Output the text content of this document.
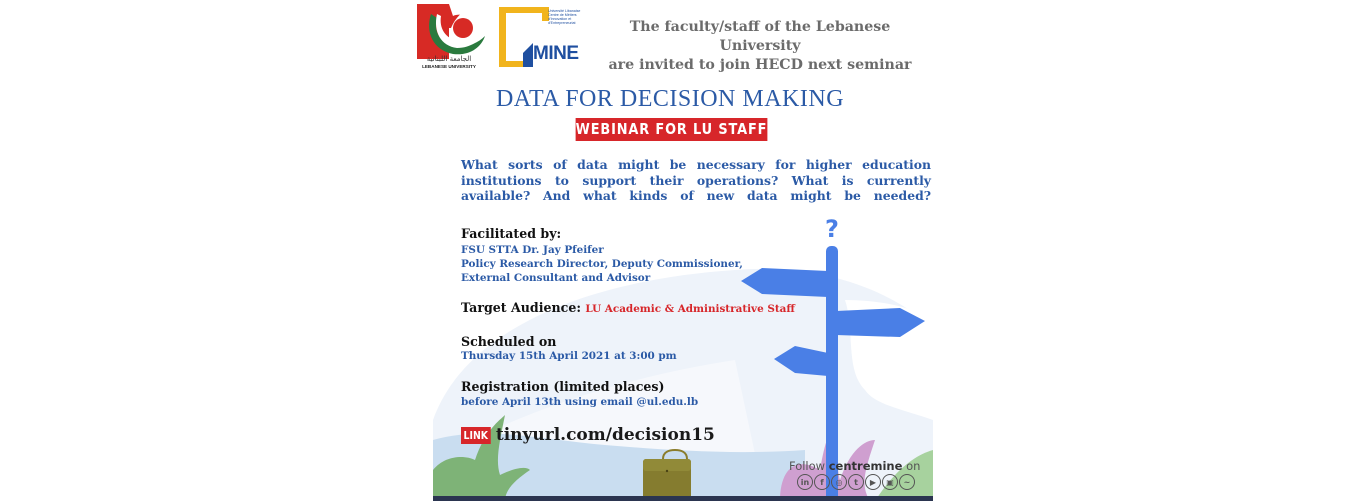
?
الجامعة اللبنانية
LEBANESE UNIVERSITY
Université Libanaise Centre de Métiers d'Innovation et d'Entrepreneuriat
MINE
The faculty/staff of the Lebanese University
are invited to join HECD next seminar
DATA FOR DECISION MAKING
WEBINAR FOR LU STAFF
What sorts of data might be necessary for higher education institutions to support their operations? What is currently available? And what kinds of new data might be needed?
Facilitated by:
FSU STTA Dr. Jay Pfeifer
Policy Research Director, Deputy Commissioner,
External Consultant and Advisor
Target Audience: LU Academic & Administrative Staff
Scheduled on
Thursday 15th April 2021 at 3:00 pm
Registration (limited places)
before April 13th using email @ul.edu.lb
LINK tinyurl.com/decision15
Follow centremine on
in	f	◎	t	▶	▣	~
